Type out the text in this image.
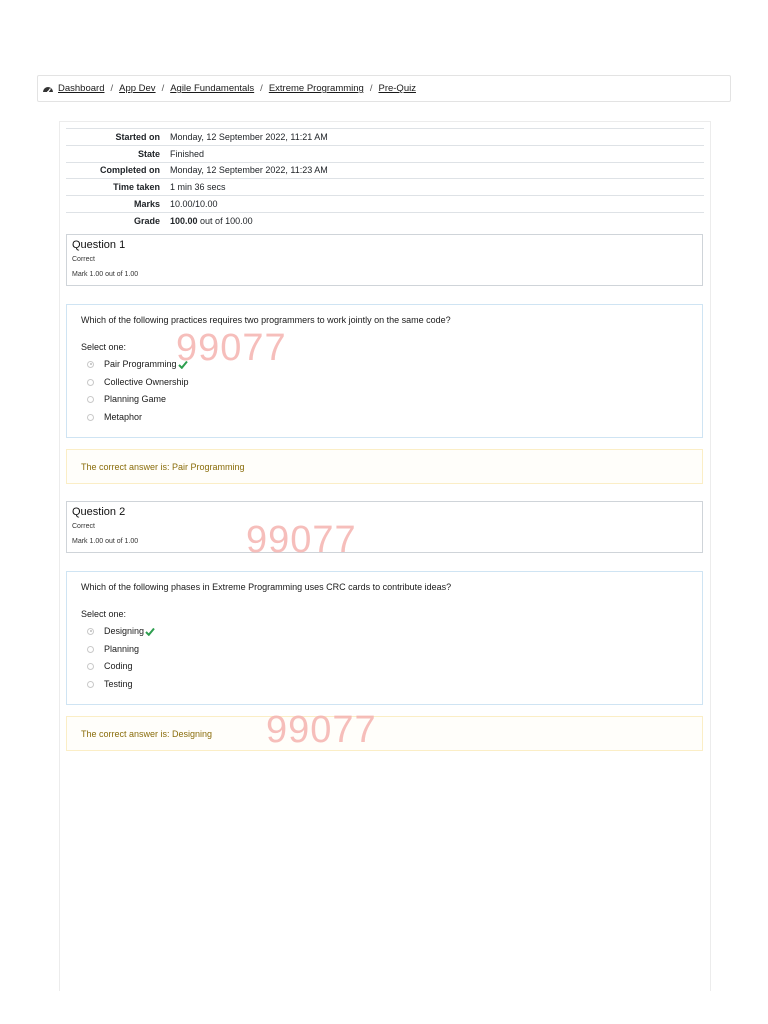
Dashboard / App Dev / Agile Fundamentals / Extreme Programming / Pre-Quiz
Started on	Monday, 12 September 2022, 11:21 AM
State	Finished
Completed on	Monday, 12 September 2022, 11:23 AM
Time taken	1 min 36 secs
Marks	10.00/10.00
Grade	100.00 out of 100.00
Question 1
Correct
Mark 1.00 out of 1.00
Which of the following practices requires two programmers to work jointly on the same code?
Select one:
Pair Programming
Collective Ownership
Planning Game
Metaphor
The correct answer is: Pair Programming
Question 2
Correct
Mark 1.00 out of 1.00
Which of the following phases in Extreme Programming uses CRC cards to contribute ideas?
Select one:
Designing
Planning
Coding
Testing
The correct answer is: Designing
99077
99077
99077
